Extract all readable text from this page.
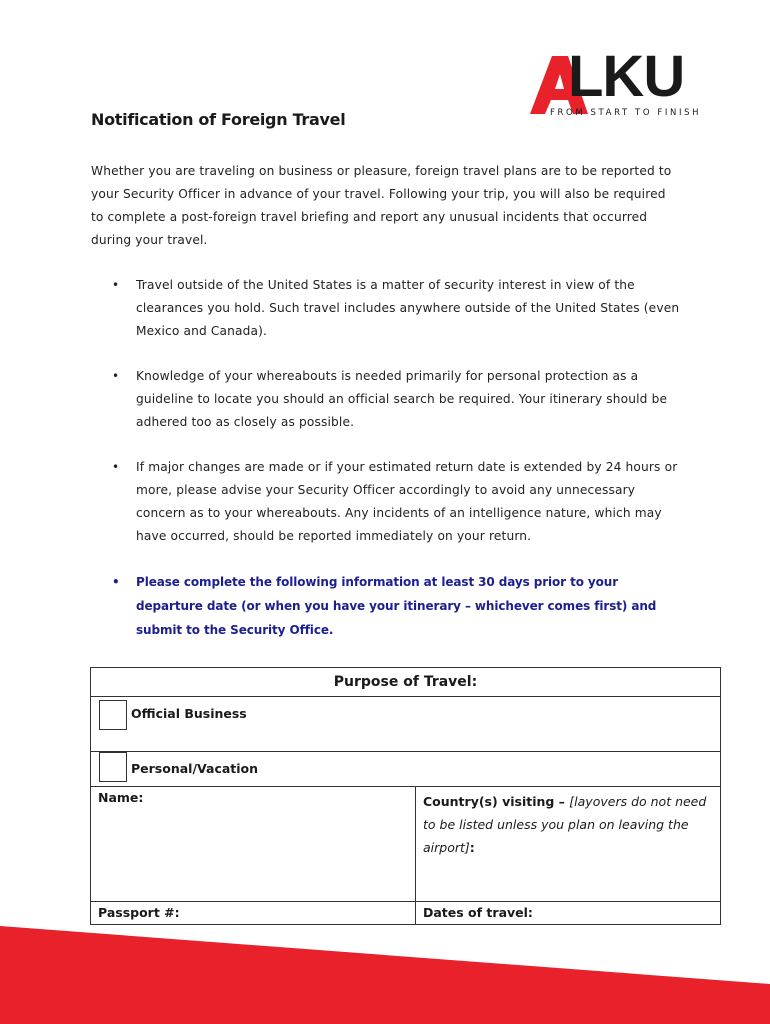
LKU
FROM START TO FINISH
Notification of Foreign Travel

Whether you are traveling on business or pleasure, foreign travel plans are to be reported to your Security Officer in advance of your travel. Following your trip, you will also be required to complete a post-foreign travel briefing and report any unusual incidents that occurred during your travel.

• Travel outside of the United States is a matter of security interest in view of the clearances you hold. Such travel includes anywhere outside of the United States (even Mexico and Canada).
• Knowledge of your whereabouts is needed primarily for personal protection as a guideline to locate you should an official search be required. Your itinerary should be adhered too as closely as possible.
• If major changes are made or if your estimated return date is extended by 24 hours or more, please advise your Security Officer accordingly to avoid any unnecessary concern as to your whereabouts. Any incidents of an intelligence nature, which may have occurred, should be reported immediately on your return.
• Please complete the following information at least 30 days prior to your departure date (or when you have your itinerary – whichever comes first) and submit to the Security Office.
Purpose of Travel:
Official Business
Personal/Vacation
Name:	Country(s) visiting – [layovers do not need to be listed unless you plan on leaving the airport]:
Passport #:	Dates of travel:
